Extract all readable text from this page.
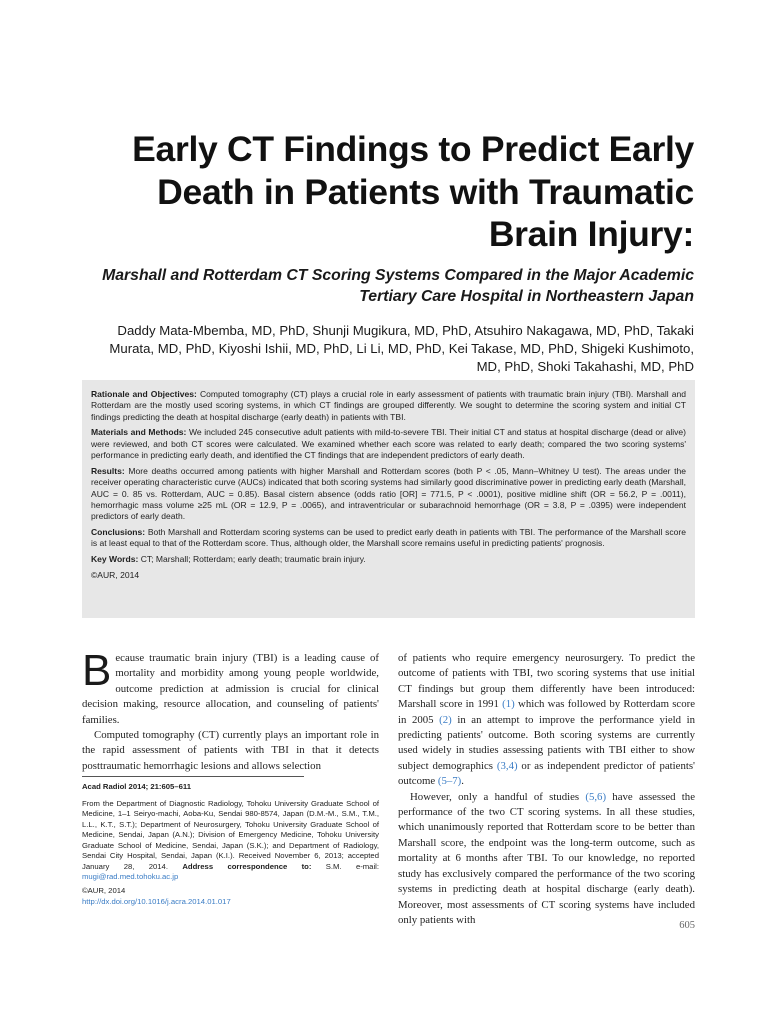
Early CT Findings to Predict Early Death in Patients with Traumatic Brain Injury:

Marshall and Rotterdam CT Scoring Systems Compared in the Major Academic Tertiary Care Hospital in Northeastern Japan

Daddy Mata-Mbemba, MD, PhD, Shunji Mugikura, MD, PhD, Atsuhiro Nakagawa, MD, PhD, Takaki Murata, MD, PhD, Kiyoshi Ishii, MD, PhD, Li Li, MD, PhD, Kei Takase, MD, PhD, Shigeki Kushimoto, MD, PhD, Shoki Takahashi, MD, PhD

Rationale and Objectives: Computed tomography (CT) plays a crucial role in early assessment of patients with traumatic brain injury (TBI). Marshall and Rotterdam are the mostly used scoring systems, in which CT findings are grouped differently. We sought to determine the scoring system and initial CT findings predicting the death at hospital discharge (early death) in patients with TBI.

Materials and Methods: We included 245 consecutive adult patients with mild-to-severe TBI. Their initial CT and status at hospital discharge (dead or alive) were reviewed, and both CT scores were calculated. We examined whether each score was related to early death; compared the two scoring systems' performance in predicting early death, and identified the CT findings that are independent predictors of early death.

Results: More deaths occurred among patients with higher Marshall and Rotterdam scores (both P < .05, Mann–Whitney U test). The areas under the receiver operating characteristic curve (AUCs) indicated that both scoring systems had similarly good discriminative power in predicting early death (Marshall, AUC = 0. 85 vs. Rotterdam, AUC = 0.85). Basal cistern absence (odds ratio [OR] = 771.5, P < .0001), positive midline shift (OR = 56.2, P = .0011), hemorrhagic mass volume ≥25 mL (OR = 12.9, P = .0065), and intraventricular or subarachnoid hemorrhage (OR = 3.8, P = .0395) were independent predictors of early death.

Conclusions: Both Marshall and Rotterdam scoring systems can be used to predict early death in patients with TBI. The performance of the Marshall score is at least equal to that of the Rotterdam score. Thus, although older, the Marshall score remains useful in predicting patients' prognosis.

Key Words: CT; Marshall; Rotterdam; early death; traumatic brain injury.

©AUR, 2014

Because traumatic brain injury (TBI) is a leading cause of mortality and morbidity among young people worldwide, outcome prediction at admission is crucial for clinical decision making, resource allocation, and counseling of patients' families.

Computed tomography (CT) currently plays an important role in the rapid assessment of patients with TBI in that it detects posttraumatic hemorrhagic lesions and allows selection

Acad Radiol 2014; 21:605–611

From the Department of Diagnostic Radiology, Tohoku University Graduate School of Medicine, 1–1 Seiryo-machi, Aoba-Ku, Sendai 980-8574, Japan (D.M.-M., S.M., T.M., L.L., K.T., S.T.); Department of Neurosurgery, Tohoku University Graduate School of Medicine, Sendai, Japan (A.N.); Division of Emergency Medicine, Tohoku University Graduate School of Medicine, Sendai, Japan (S.K.); and Department of Radiology, Sendai City Hospital, Sendai, Japan (K.I.). Received November 6, 2013; accepted January 28, 2014. Address correspondence to: S.M. e-mail: mugi@rad.med.tohoku.ac.jp

©AUR, 2014

http://dx.doi.org/10.1016/j.acra.2014.01.017

of patients who require emergency neurosurgery. To predict the outcome of patients with TBI, two scoring systems that use initial CT findings but group them differently have been introduced: Marshall score in 1991 (1) which was followed by Rotterdam score in 2005 (2) in an attempt to improve the performance yield in predicting patients' outcome. Both scoring systems are currently used widely in studies assessing patients with TBI either to show subject demographics (3,4) or as independent predictor of patients' outcome (5–7).

However, only a handful of studies (5,6) have assessed the performance of the two CT scoring systems. In all these studies, which unanimously reported that Rotterdam score to be better than Marshall score, the endpoint was the long-term outcome, such as mortality at 6 months after TBI. To our knowledge, no reported study has exclusively compared the performance of the two scoring systems in predicting death at hospital discharge (early death). Moreover, most assessments of CT scoring systems have included only patients with	605
